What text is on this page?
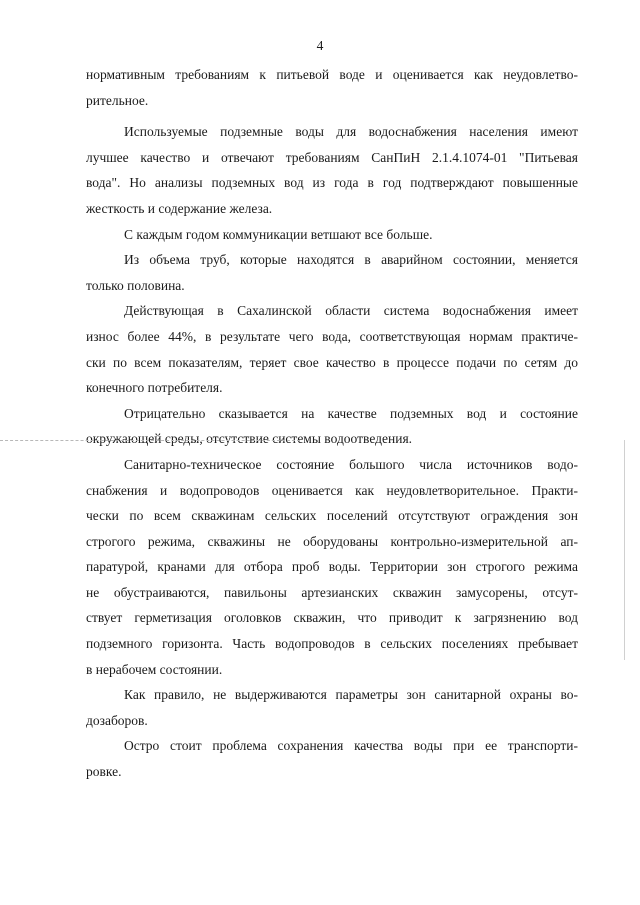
4
нормативным требованиям к питьевой воде и оценивается как неудовлетво-
рительное.
Используемые подземные воды для водоснабжения населения имеют
лучшее качество и отвечают требованиям СанПиН 2.1.4.1074-01 "Питьевая
вода". Но анализы подземных вод из года в год подтверждают повышенные
жесткость и содержание железа.
С каждым годом коммуникации ветшают все больше.
Из объема труб, которые находятся в аварийном состоянии, меняется
только половина.
Действующая в Сахалинской области система водоснабжения имеет
износ более 44%, в результате чего вода, соответствующая нормам практиче-
ски по всем показателям, теряет свое качество в процессе подачи по сетям до
конечного потребителя.
Отрицательно сказывается на качестве подземных вод и состояние
окружающей среды, отсутствие системы водоотведения.
Санитарно-техническое состояние большого числа источников водо-
снабжения и водопроводов оценивается как неудовлетворительное. Практи-
чески по всем скважинам сельских поселений отсутствуют ограждения зон
строгого режима, скважины не оборудованы контрольно-измерительной ап-
паратурой, кранами для отбора проб воды. Территории зон строгого режима
не обустраиваются, павильоны артезианских скважин замусорены, отсут-
ствует герметизация оголовков скважин, что приводит к загрязнению вод
подземного горизонта. Часть водопроводов в сельских поселениях пребывает
в нерабочем состоянии.
Как правило, не выдерживаются параметры зон санитарной охраны во-
дозаборов.
Остро стоит проблема сохранения качества воды при ее транспорти-
ровке.
